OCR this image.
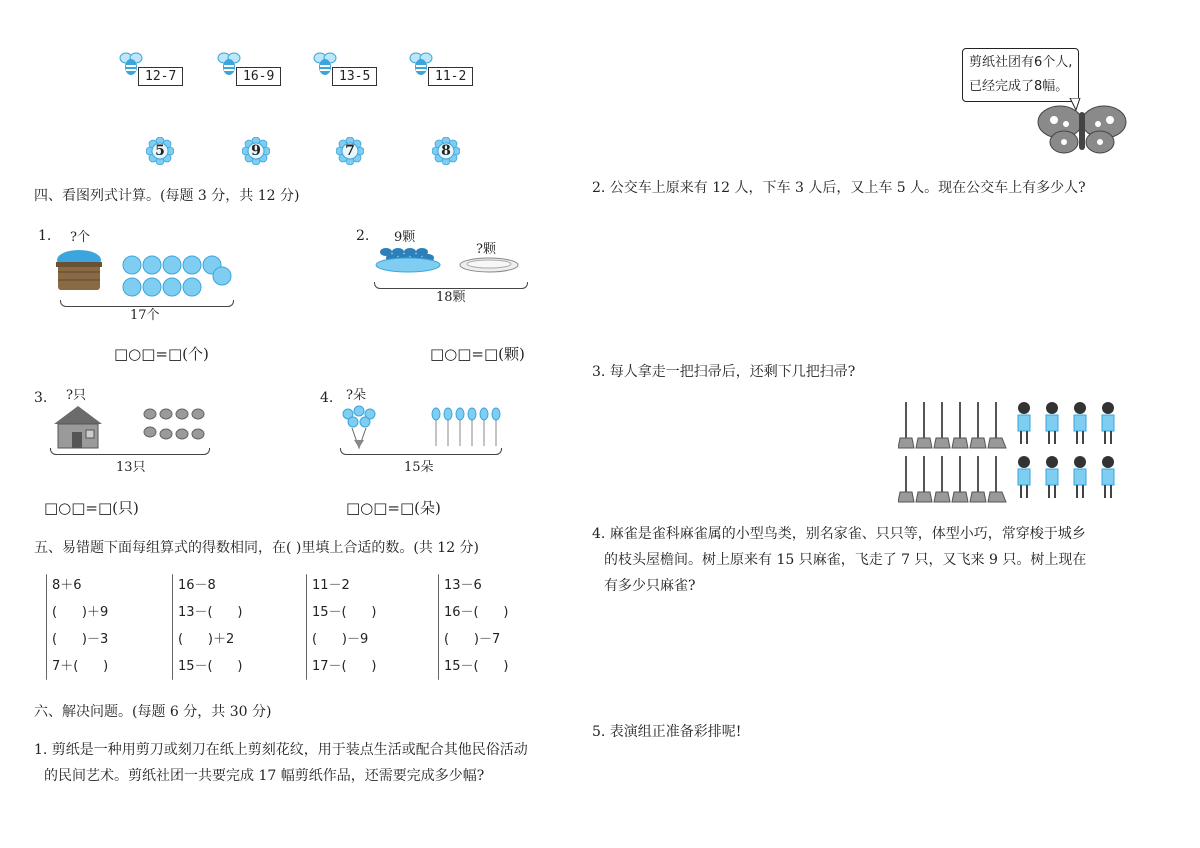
12-7	16-9	13-5	11-2
5	9	7	8
四、看图列式计算。(每题 3 分，共 12 分)
1. ?个
17个
□○□=□(个)
2. 9颗
?颗
18颗
□○□=□(颗)
3. ?只
13只
□○□=□(只)
4. ?朵
15朵
□○□=□(朵)
五、易错题下面每组算式的得数相同，在( )里填上合适的数。(共 12 分)
8＋6
(      )＋9
(      )－3
7＋(      )
16－8
13－(      )
(      )＋2
15－(      )
11－2
15－(      )
(      )－9
17－(      )
13－6
16－(      )
(      )－7
15－(      )
六、解决问题。(每题 6 分，共 30 分)
1. 剪纸是一种用剪刀或刻刀在纸上剪刻花纹，用于装点生活或配合其他民俗活动
的民间艺术。剪纸社团一共要完成 17 幅剪纸作品，还需要完成多少幅?
剪纸社团有6个人,
已经完成了8幅。
2. 公交车上原来有 12 人，下车 3 人后，又上车 5 人。现在公交车上有多少人?
3. 每人拿走一把扫帚后，还剩下几把扫帚?
4. 麻雀是雀科麻雀属的小型鸟类，别名家雀、只只等，体型小巧，常穿梭于城乡
的枝头屋檐间。树上原来有 15 只麻雀，飞走了 7 只，又飞来 9 只。树上现在
有多少只麻雀?
5. 表演组正准备彩排呢!
